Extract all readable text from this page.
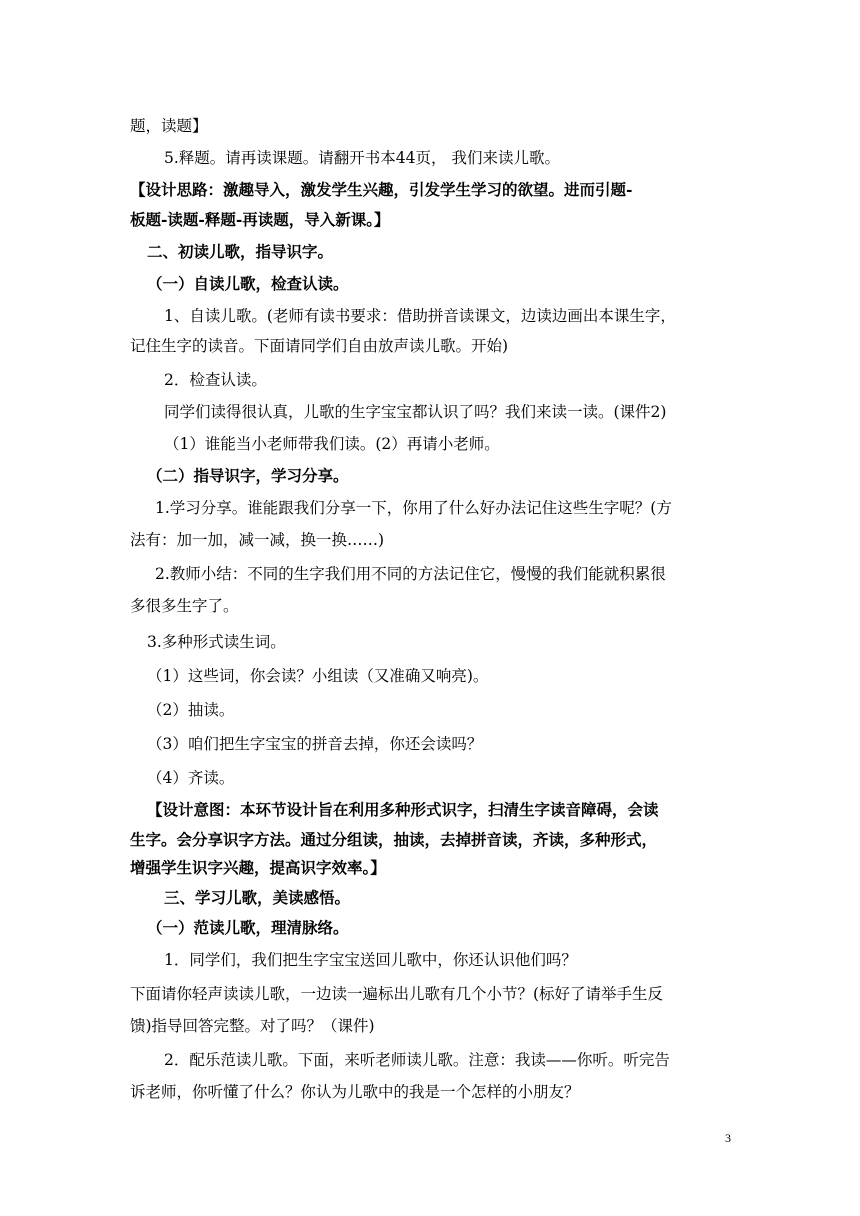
题，读题】
5.释题。请再读课题。请翻开书本44页， 我们来读儿歌。
【设计思路：激趣导入，激发学生兴趣，引发学生学习的欲望。进而引题-
板题-读题-释题-再读题，导入新课。】
二、初读儿歌，指导识字。
（一）自读儿歌，检查认读。
1、自读儿歌。(老师有读书要求：借助拼音读课文，边读边画出本课生字，
记住生字的读音。下面请同学们自由放声读儿歌。开始)
2．检查认读。
同学们读得很认真，儿歌的生字宝宝都认识了吗？我们来读一读。(课件2)
（1）谁能当小老师带我们读。(2）再请小老师。
（二）指导识字，学习分享。
1.学习分享。谁能跟我们分享一下，你用了什么好办法记住这些生字呢？(方
法有：加一加，减一减，换一换……)
2.教师小结：不同的生字我们用不同的方法记住它，慢慢的我们能就积累很
多很多生字了。
3.多种形式读生词。
（1）这些词，你会读？小组读（又准确又响亮)。
（2）抽读。
（3）咱们把生字宝宝的拼音去掉，你还会读吗？
（4）齐读。
【设计意图：本环节设计旨在利用多种形式识字，扫清生字读音障碍，会读
生字。会分享识字方法。通过分组读，抽读，去掉拼音读，齐读，多种形式，
增强学生识字兴趣，提高识字效率。】
三、学习儿歌，美读感悟。
（一）范读儿歌，理清脉络。
1．同学们，我们把生字宝宝送回儿歌中，你还认识他们吗？
下面请你轻声读读儿歌，一边读一遍标出儿歌有几个小节？(标好了请举手生反
馈)指导回答完整。对了吗？（课件)
2．配乐范读儿歌。下面，来听老师读儿歌。注意：我读——你听。听完告
诉老师，你听懂了什么？你认为儿歌中的我是一个怎样的小朋友？
3
